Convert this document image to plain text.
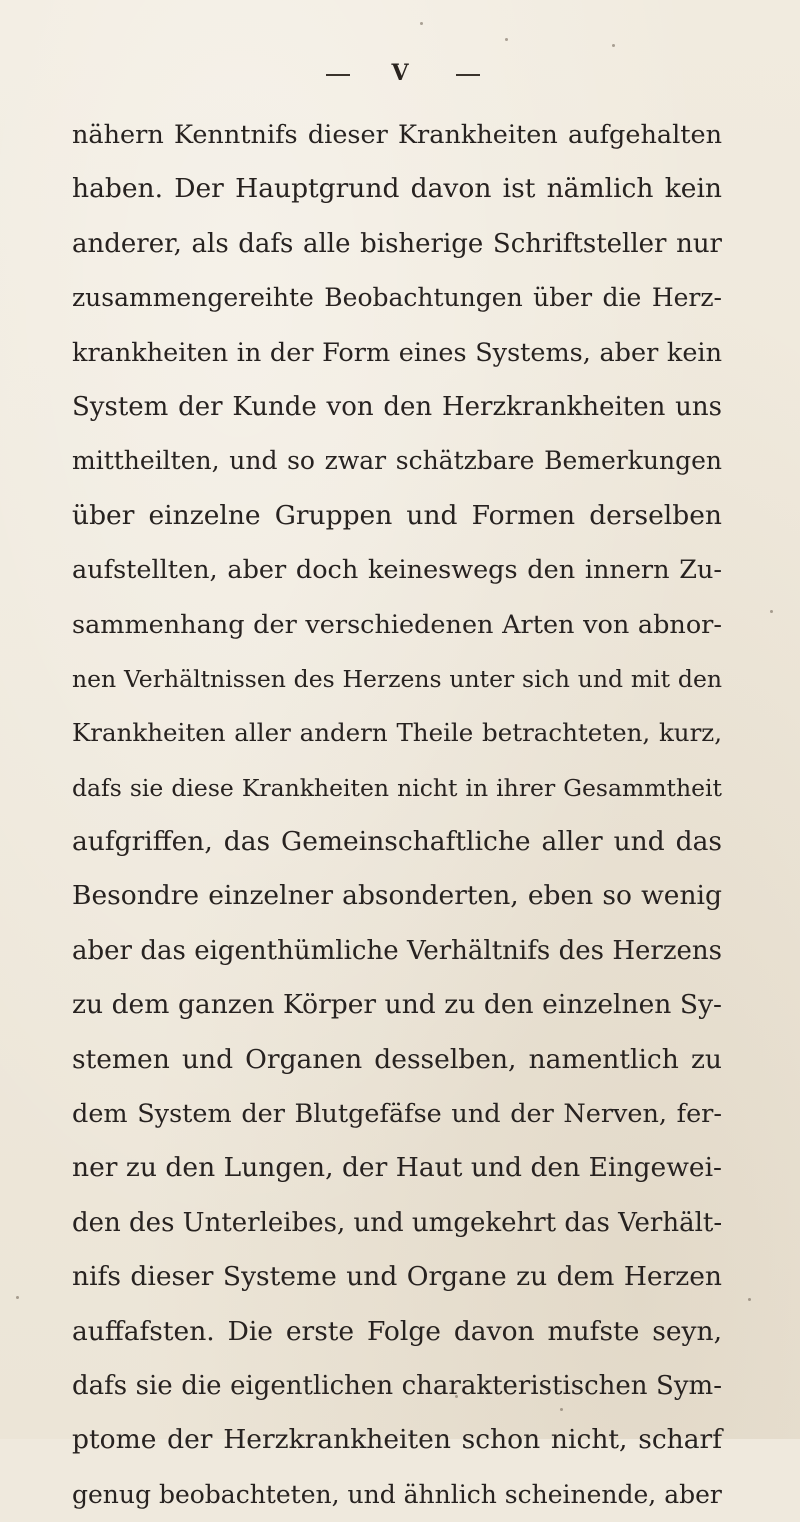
V
nähern Kenntnifs dieser Krankheiten aufgehalten
haben. Der Hauptgrund davon ist nämlich kein
anderer, als dafs alle bisherige Schriftsteller nur
zusammengereihte Beobachtungen über die Herz-
krankheiten in der Form eines Systems, aber kein
System der Kunde von den Herzkrankheiten uns
mittheilten, und so zwar schätzbare Bemerkungen
über einzelne Gruppen und Formen derselben
aufstellten, aber doch keineswegs den innern Zu-
sammenhang der verschiedenen Arten von abnor-
nen Verhältnissen des Herzens unter sich und mit den
Krankheiten aller andern Theile betrachteten, kurz,
dafs sie diese Krankheiten nicht in ihrer Gesammtheit
aufgriffen, das Gemeinschaftliche aller und das
Besondre einzelner absonderten, eben so wenig
aber das eigenthümliche Verhältnifs des Herzens
zu dem ganzen Körper und zu den einzelnen Sy-
stemen und Organen desselben, namentlich zu
dem System der Blutgefäfse und der Nerven, fer-
ner zu den Lungen, der Haut und den Eingewei-
den des Unterleibes, und umgekehrt das Verhält-
nifs dieser Systeme und Organe zu dem Herzen
auffafsten. Die erste Folge davon mufste seyn,
dafs sie die eigentlichen charakteristischen Sym-
ptome der Herzkrankheiten schon nicht, scharf
genug beobachteten, und ähnlich scheinende, aber
